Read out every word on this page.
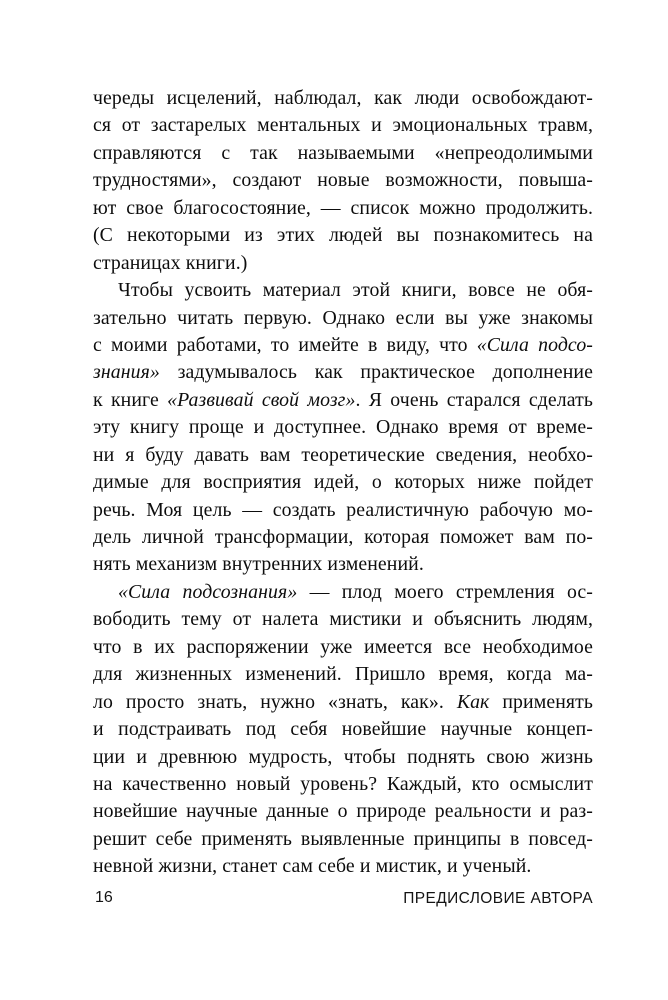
череды исцелений, наблюдал, как люди освобождают-
ся от застарелых ментальных и эмоциональных травм,
справляются с так называемыми «непреодолимыми
трудностями», создают новые возможности, повыша-
ют свое благосостояние, — список можно продолжить.
(С некоторыми из этих людей вы познакомитесь на
страницах книги.)
Чтобы усвоить материал этой книги, вовсе не обя-
зательно читать первую. Однако если вы уже знакомы
с моими работами, то имейте в виду, что «Сила подсо-
знания» задумывалось как практическое дополнение
к книге «Развивай свой мозг». Я очень старался сделать
эту книгу проще и доступнее. Однако время от време-
ни я буду давать вам теоретические сведения, необхо-
димые для восприятия идей, о которых ниже пойдет
речь. Моя цель — создать реалистичную рабочую мо-
дель личной трансформации, которая поможет вам по-
нять механизм внутренних изменений.
«Сила подсознания» — плод моего стремления ос-
вободить тему от налета мистики и объяснить людям,
что в их распоряжении уже имеется все необходимое
для жизненных изменений. Пришло время, когда ма-
ло просто знать, нужно «знать, как». Как применять
и подстраивать под себя новейшие научные концеп-
ции и древнюю мудрость, чтобы поднять свою жизнь
на качественно новый уровень? Каждый, кто осмыслит
новейшие научные данные о природе реальности и раз-
решит себе применять выявленные принципы в повсед-
невной жизни, станет сам себе и мистик, и ученый.
16	ПРЕДИСЛОВИЕ АВТОРА
